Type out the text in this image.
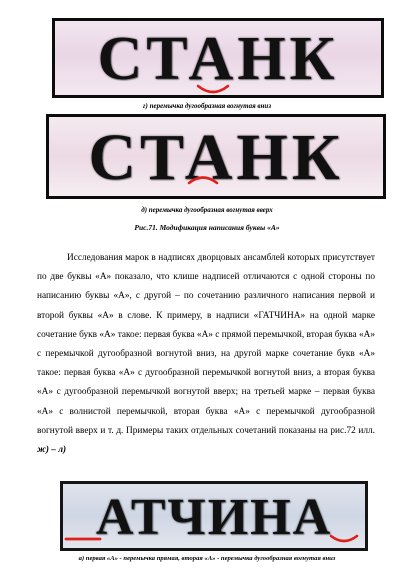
СТАНК
г) перемычка дугообразная вогнутая вниз
СТАНК
д) перемычка дугообразная вогнутая вверх
Рис.71. Модификация написания буквы «А»

Исследования марок в надписях дворцовых ансамблей которых присутствует по две буквы «А» показало, что клише надписей отличаются с одной стороны по написанию буквы «А», с другой – по сочетанию различного написания первой и второй буквы «А» в слове. К примеру, в надписи «ГАТЧИНА» на одной марке сочетание букв «А» такое: первая буква «А» с прямой перемычкой, вторая буква «А» с перемычкой дугообразной вогнутой вниз, на другой марке сочетание букв «А» такое: первая буква «А» с дугообразной перемычкой вогнутой вниз, а вторая буква «А» с дугообразной перемычкой вогнутой вверх; на третьей марке – первая буква «А» с волнистой перемычкой, вторая буква «А» с перемычкой дугообразной вогнутой вверх и т. д. Примеры таких отдельных сочетаний показаны на рис.72 илл. ж) – л)

АТЧИНА
а) первая «А» - перемычка прямая, вторая «А» - перемычка дугообразная вогнутая вниз
